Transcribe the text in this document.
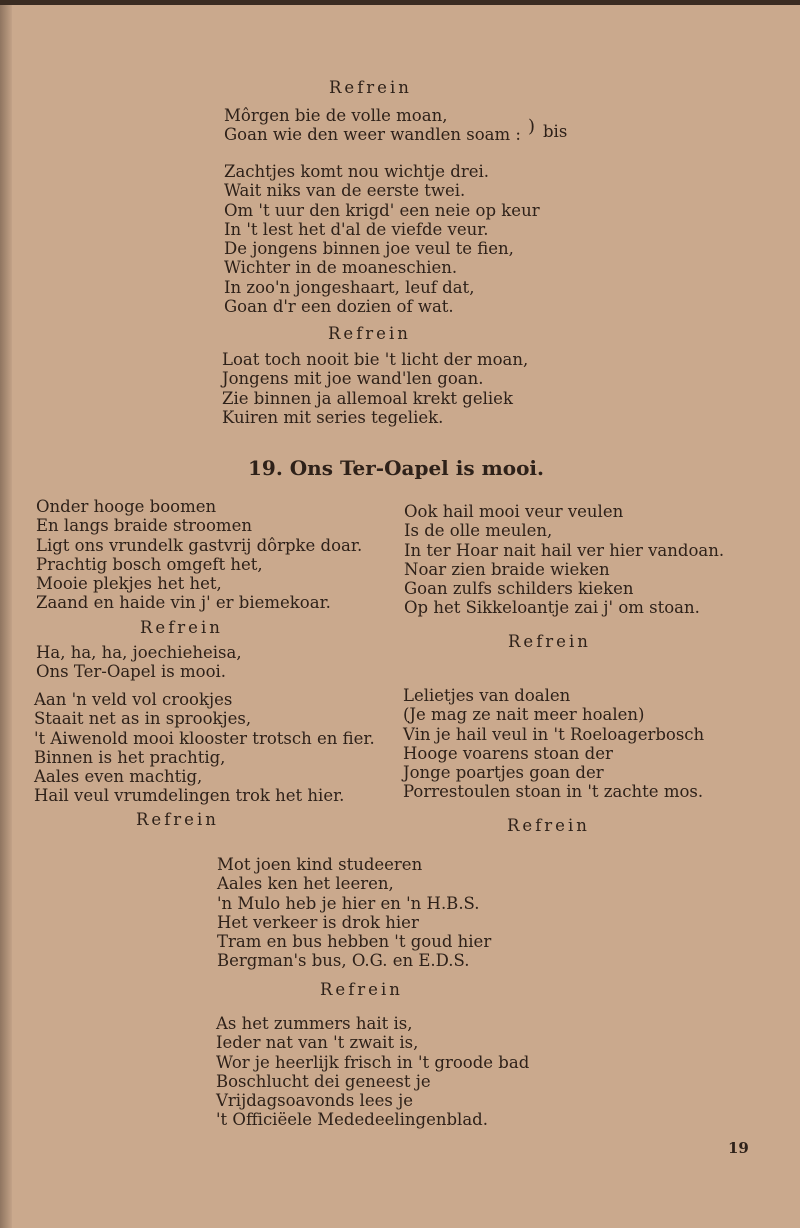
Refrein
Môrgen bie de volle moan,
Goan wie den weer wandlen soam : ) bis
Zachtjes komt nou wichtje drei.
Wait niks van de eerste twei.
Om 't uur den krigd' een neie op keur
In 't lest het d'al de viefde veur.
De jongens binnen joe veul te fien,
Wichter in de moaneschien.
In zoo'n jongeshaart, leuf dat,
Goan d'r een dozien of wat.
Refrein
Loat toch nooit bie 't licht der moan,
Jongens mit joe wand'len goan.
Zie binnen ja allemoal krekt geliek
Kuiren mit series tegeliek.
19. Ons Ter-Oapel is mooi.
Onder hooge boomen
En langs braide stroomen
Ligt ons vrundelk gastvrij dôrpke doar.
Prachtig bosch omgeft het,
Mooie plekjes het het,
Zaand en haide vin j' er biemekoar.
Refrein
Ha, ha, ha, joechieheisa,
Ons Ter-Oapel is mooi.
Aan 'n veld vol crookjes
Staait net as in sprookjes,
't Aiwenold mooi klooster trotsch en fier.
Binnen is het prachtig,
Aales even machtig,
Hail veul vrumdelingen trok het hier.
Refrein
Ook hail mooi veur veulen
Is de olle meulen,
In ter Hoar nait hail ver hier vandoan.
Noar zien braide wieken
Goan zulfs schilders kieken
Op het Sikkeloantje zai j' om stoan.
Refrein
Lelietjes van doalen
(Je mag ze nait meer hoalen)
Vin je hail veul in 't Roeloagerbosch
Hooge voarens stoan der
Jonge poartjes goan der
Porrestoulen stoan in 't zachte mos.
Refrein
Mot joen kind studeeren
Aales ken het leeren,
'n Mulo heb je hier en 'n H.B.S.
Het verkeer is drok hier
Tram en bus hebben 't goud hier
Bergman's bus, O.G. en E.D.S.
Refrein
As het zummers hait is,
Ieder nat van 't zwait is,
Wor je heerlijk frisch in 't groode bad
Boschlucht dei geneest je
Vrijdagsoavonds lees je
't Officiëele Mededeelingenblad.
19
